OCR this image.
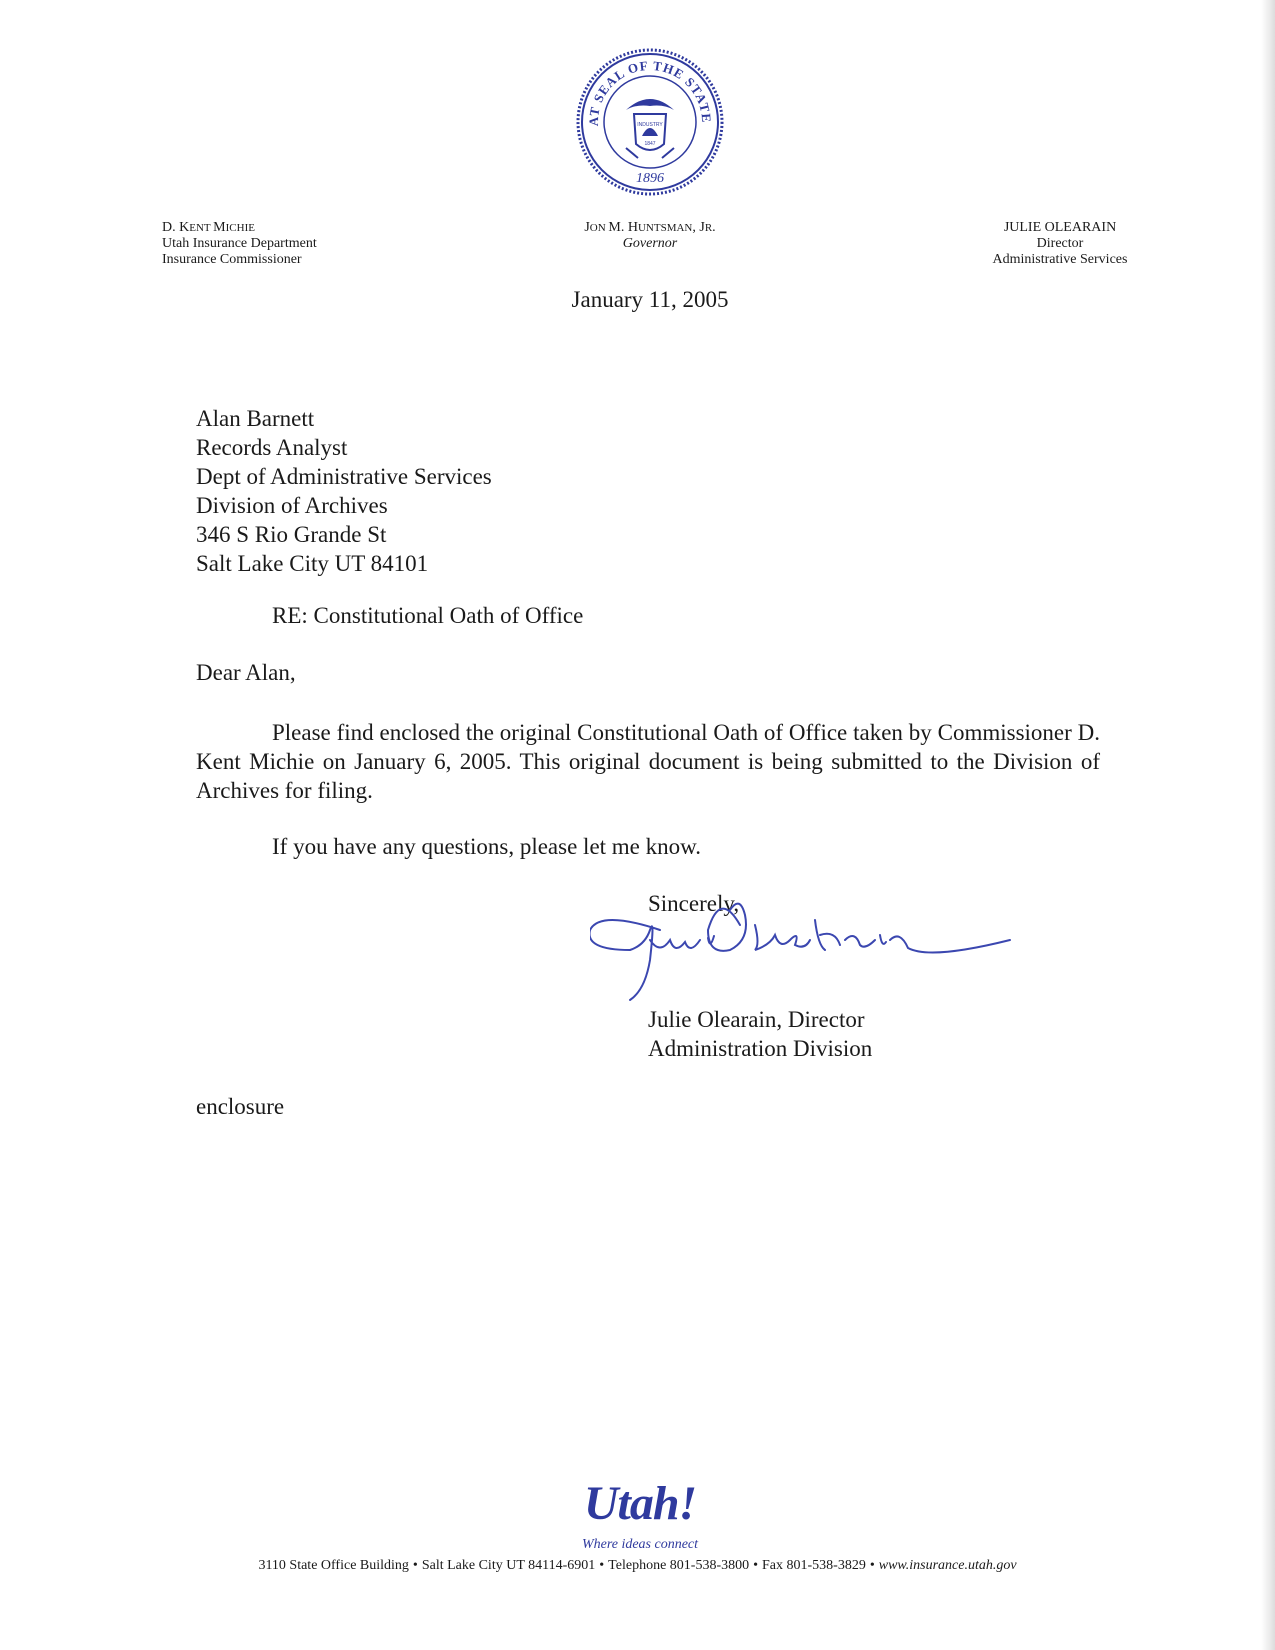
AT SEAL OF THE STATE
1896
INDUSTRY
1847
D. KENT MICHIE
Utah Insurance Department
Insurance Commissioner
JON M. HUNTSMAN, JR.
Governor
JULIE OLEARAIN
Director
Administrative Services
January 11, 2005
Alan Barnett
Records Analyst
Dept of Administrative Services
Division of Archives
346 S Rio Grande St
Salt Lake City UT 84101
RE: Constitutional Oath of Office
Dear Alan,

Please find enclosed the original Constitutional Oath of Office taken by Commissioner D. Kent Michie on January 6, 2005. This original document is being submitted to the Division of Archives for filing.

If you have any questions, please let me know.
Sincerely,
Julie Olearain, Director
Administration Division
enclosure
Utah!
Where ideas connect
3110 State Office Building • Salt Lake City UT 84114-6901 • Telephone 801-538-3800 • Fax 801-538-3829 • www.insurance.utah.gov
